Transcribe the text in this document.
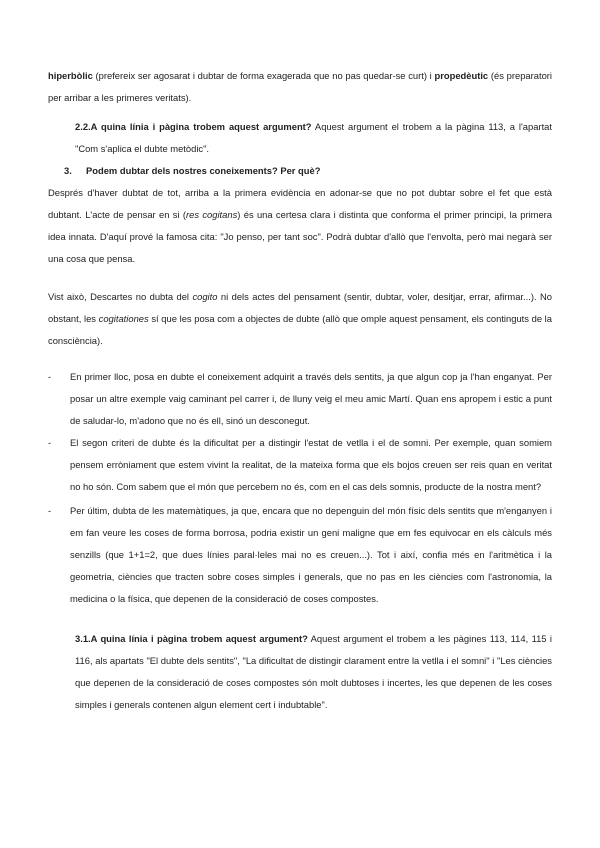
hiperbòlic (prefereix ser agosarat i dubtar de forma exagerada que no pas quedar-se curt) i propedèutic (és preparatori per arribar a les primeres veritats).
2.2.A quina línia i pàgina trobem aquest argument? Aquest argument el trobem a la pàgina 113, a l'apartat "Com s'aplica el dubte metòdic".
3. Podem dubtar dels nostres coneixements? Per què?
Després d'haver dubtat de tot, arriba a la primera evidència en adonar-se que no pot dubtar sobre el fet que està dubtant. L'acte de pensar en si (res cogitans) és una certesa clara i distinta que conforma el primer principi, la primera idea innata. D'aquí prové la famosa cita: "Jo penso, per tant soc". Podrà dubtar d'allò que l'envolta, però mai negarà ser una cosa que pensa.
Vist això, Descartes no dubta del cogito ni dels actes del pensament (sentir, dubtar, voler, desitjar, errar, afirmar...). No obstant, les cogitationes sí que les posa com a objectes de dubte (allò que omple aquest pensament, els continguts de la consciència).
- En primer lloc, posa en dubte el coneixement adquirit a través dels sentits, ja que algun cop ja l'han enganyat. Per posar un altre exemple vaig caminant pel carrer i, de lluny veig el meu amic Martí. Quan ens apropem i estic a punt de saludar-lo, m'adono que no és ell, sinó un desconegut.
- El segon criteri de dubte és la dificultat per a distingir l'estat de vetlla i el de somni. Per exemple, quan somiem pensem erròniament que estem vivint la realitat, de la mateixa forma que els bojos creuen ser reis quan en veritat no ho són. Com sabem que el món que percebem no és, com en el cas dels somnis, producte de la nostra ment?
- Per últim, dubta de les matemàtiques, ja que, encara que no depenguin del món físic dels sentits que m'enganyen i em fan veure les coses de forma borrosa, podria existir un geni maligne que em fes equivocar en els càlculs més senzills (que 1+1=2, que dues línies paral·leles mai no es creuen...). Tot i així, confia més en l'aritmètica i la geometria, ciències que tracten sobre coses simples i generals, que no pas en les ciències com l'astronomia, la medicina o la física, que depenen de la consideració de coses compostes.
3.1.A quina línia i pàgina trobem aquest argument? Aquest argument el trobem a les pàgines 113, 114, 115 i 116, als apartats "El dubte dels sentits", "La dificultat de distingir clarament entre la vetlla i el somni" i "Les ciències que depenen de la consideració de coses compostes són molt dubtoses i incertes, les que depenen de les coses simples i generals contenen algun element cert i indubtable".
